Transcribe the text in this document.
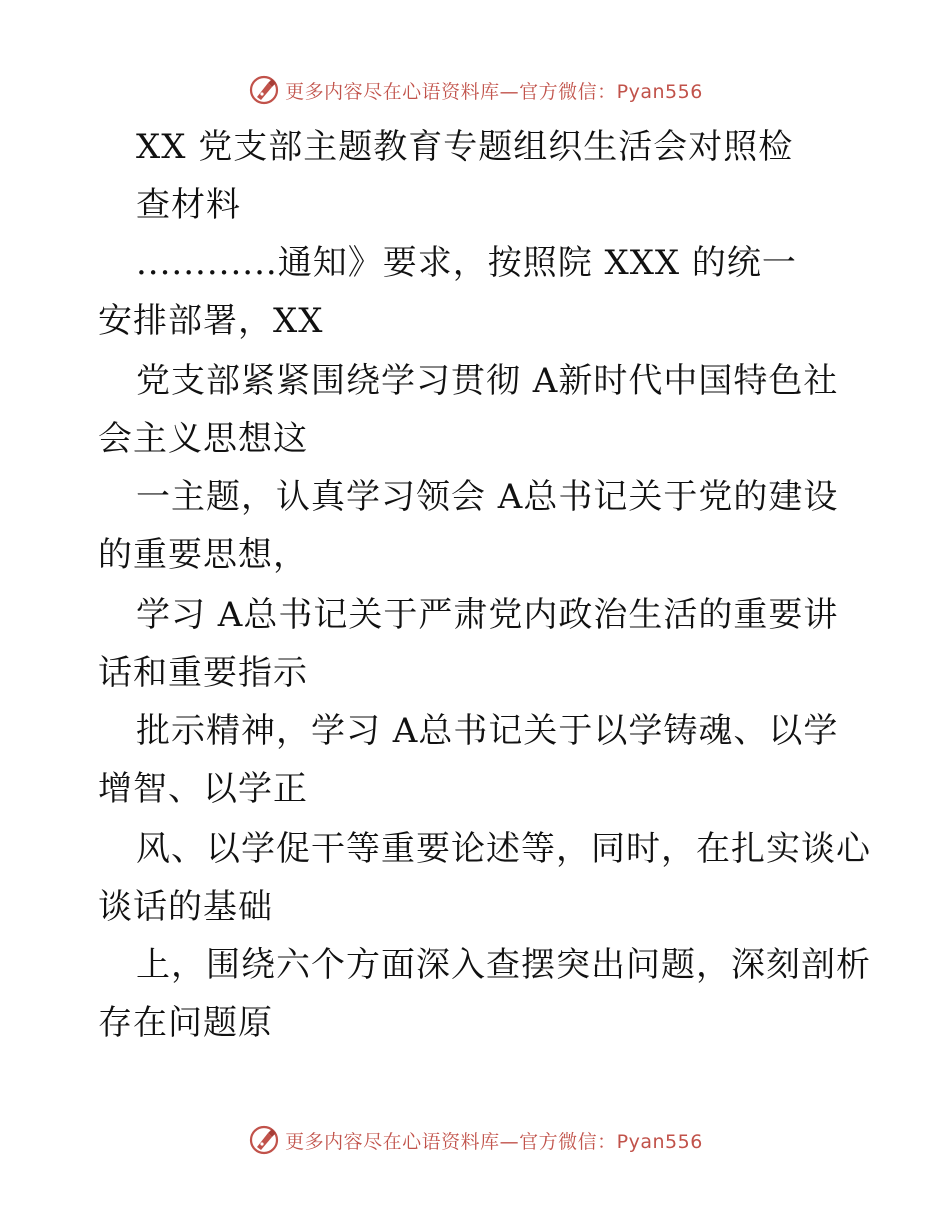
更多内容尽在心语资料库—官方微信：Pyan556
XX 党支部主题教育专题组织生活会对照检
查材料
............通知》要求，按照院 XXX 的统一
安排部署，XX
党支部紧紧围绕学习贯彻 A新时代中国特色社
会主义思想这
一主题，认真学习领会 A总书记关于党的建设
的重要思想，
学习 A总书记关于严肃党内政治生活的重要讲
话和重要指示
批示精神，学习 A总书记关于以学铸魂、以学
增智、以学正
风、以学促干等重要论述等，同时，在扎实谈心
谈话的基础
上，围绕六个方面深入查摆突出问题，深刻剖析
存在问题原
更多内容尽在心语资料库—官方微信：Pyan556
